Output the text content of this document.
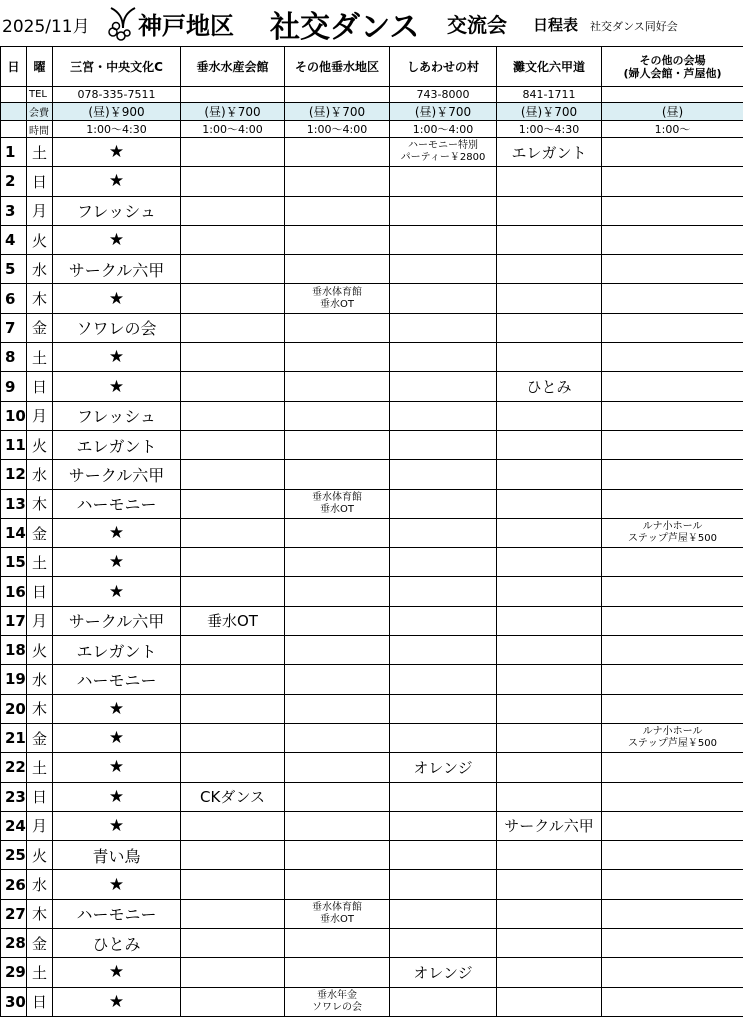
2025/11月 神戸地区 社交ダンス 交流会 日程表 社交ダンス同好会
日	曜	三宮・中央文化C	垂水水産会館	その他垂水地区	しあわせの村	灘文化六甲道	その他の会場
(婦人会館・芦屋他)

	TEL	078-335-7511			743-8000	841-1711	
	会費	(昼)￥900	(昼)￥700	(昼)￥700	(昼)￥700	(昼)￥700	(昼)
	時間	1:00～4:30	1:00～4:00	1:00～4:00	1:00～4:00	1:00～4:30	1:00～
1	土	★			ハーモニー特別
パーティー￥2800	エレガント	
2	日	★					
3	月	フレッシュ					
4	火	★					
5	水	サークル六甲					
6	木	★		垂水体育館
垂水OT			

7	金	ソワレの会					
8	土	★					
9	日	★				ひとみ	
10	月	フレッシュ					
11	火	エレガント					
12	水	サークル六甲					
13	木	ハーモニー		垂水体育館
垂水OT			

14	金	★					ルナ小ホール
ステップ芦屋￥500

15	土	★					
16	日	★					
17	月	サークル六甲	垂水OT				
18	火	エレガント					
19	水	ハーモニー					
20	木	★					
21	金	★					ルナ小ホール
ステップ芦屋￥500

22	土	★			オレンジ		
23	日	★	CKダンス				
24	月	★				サークル六甲	
25	火	青い鳥					
26	水	★					
27	木	ハーモニー		垂水体育館
垂水OT			

28	金	ひとみ					
29	土	★			オレンジ		
30	日	★		垂水年金
ソワレの会			
